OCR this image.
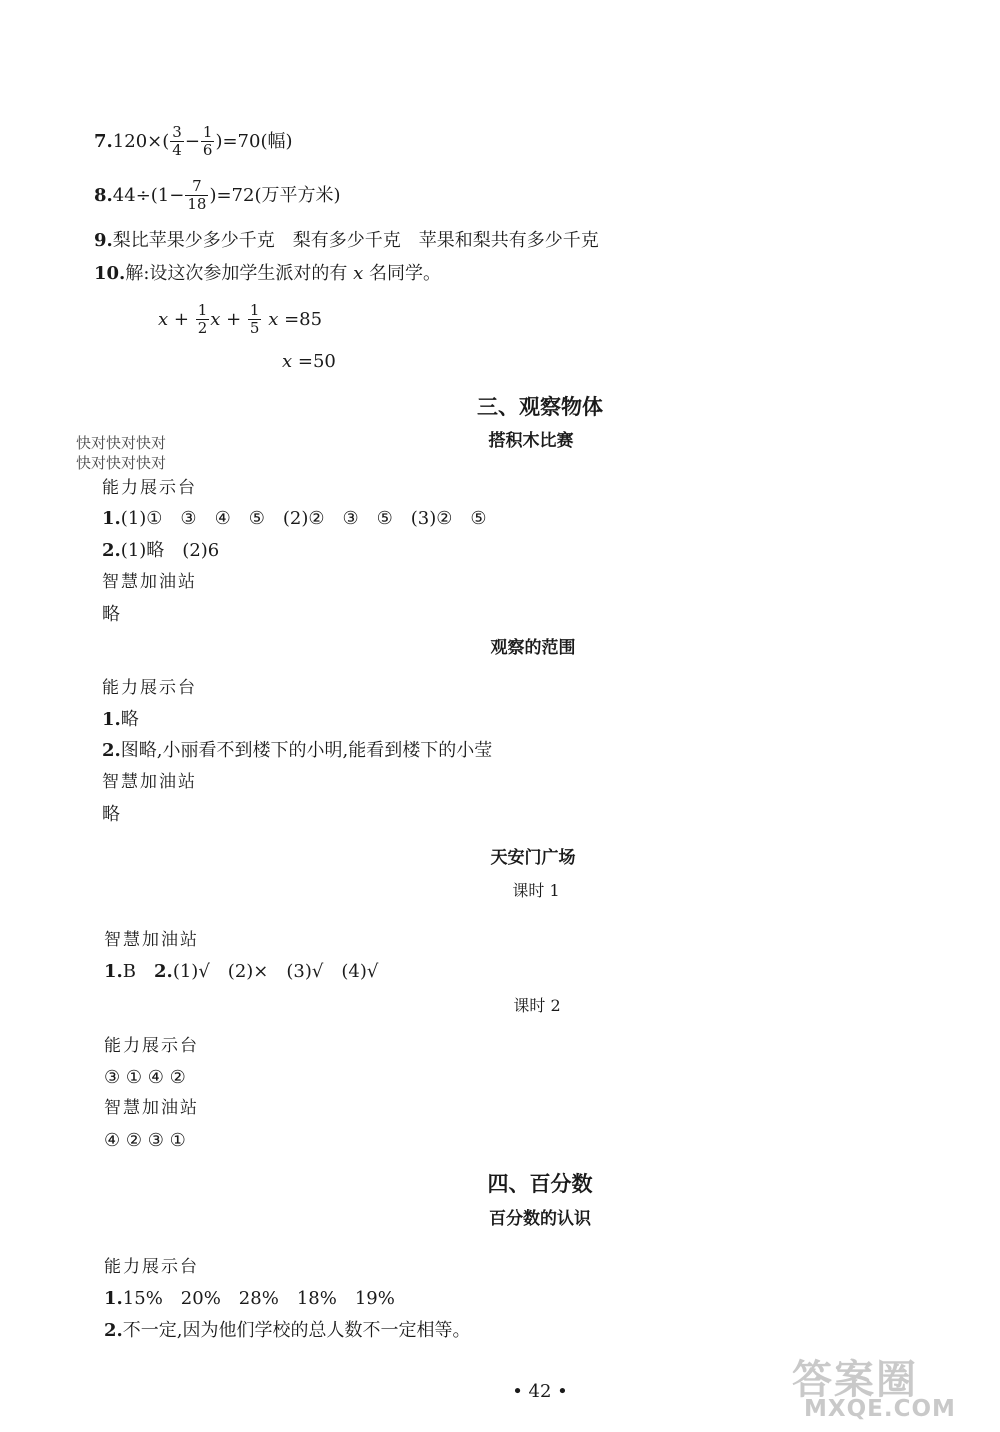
$7.120\times( \frac{3}{4} - \frac{1}{6} )=70$(幅)
$8.44\div(1- \frac{7}{18} )=72$(万平方米)
9.梨比苹果少多少千克　梨有多少千克　苹果和梨共有多少千克
10.解:设这次参加学生派对的有 x 名同学。
$x + \frac{1}{2}$ $x + \frac{1}{5}$ x =85
x =50
三、观察物体
快对快对快对
快对快对快对
搭积木比赛
能力展示台
1.(1)①　③　④　⑤　(2)②　③　⑤　(3)②　⑤
2.(1)略　(2)6
智慧加油站
略
观察的范围
能力展示台
1.略
2.图略,小丽看不到楼下的小明,能看到楼下的小莹
智慧加油站
略
天安门广场
课时 1
智慧加油站
1.B　 2.(1)√　(2)×　(3)√　(4)√
课时 2
能力展示台
③ ① ④ ②
智慧加油站
④ ② ③ ①
四、百分数
百分数的认识
能力展示台
1.15%　20%　28%　18%　19%
2.不一定,因为他们学校的总人数不一定相等。
• 42 •	答案圈
MXQE.COM
